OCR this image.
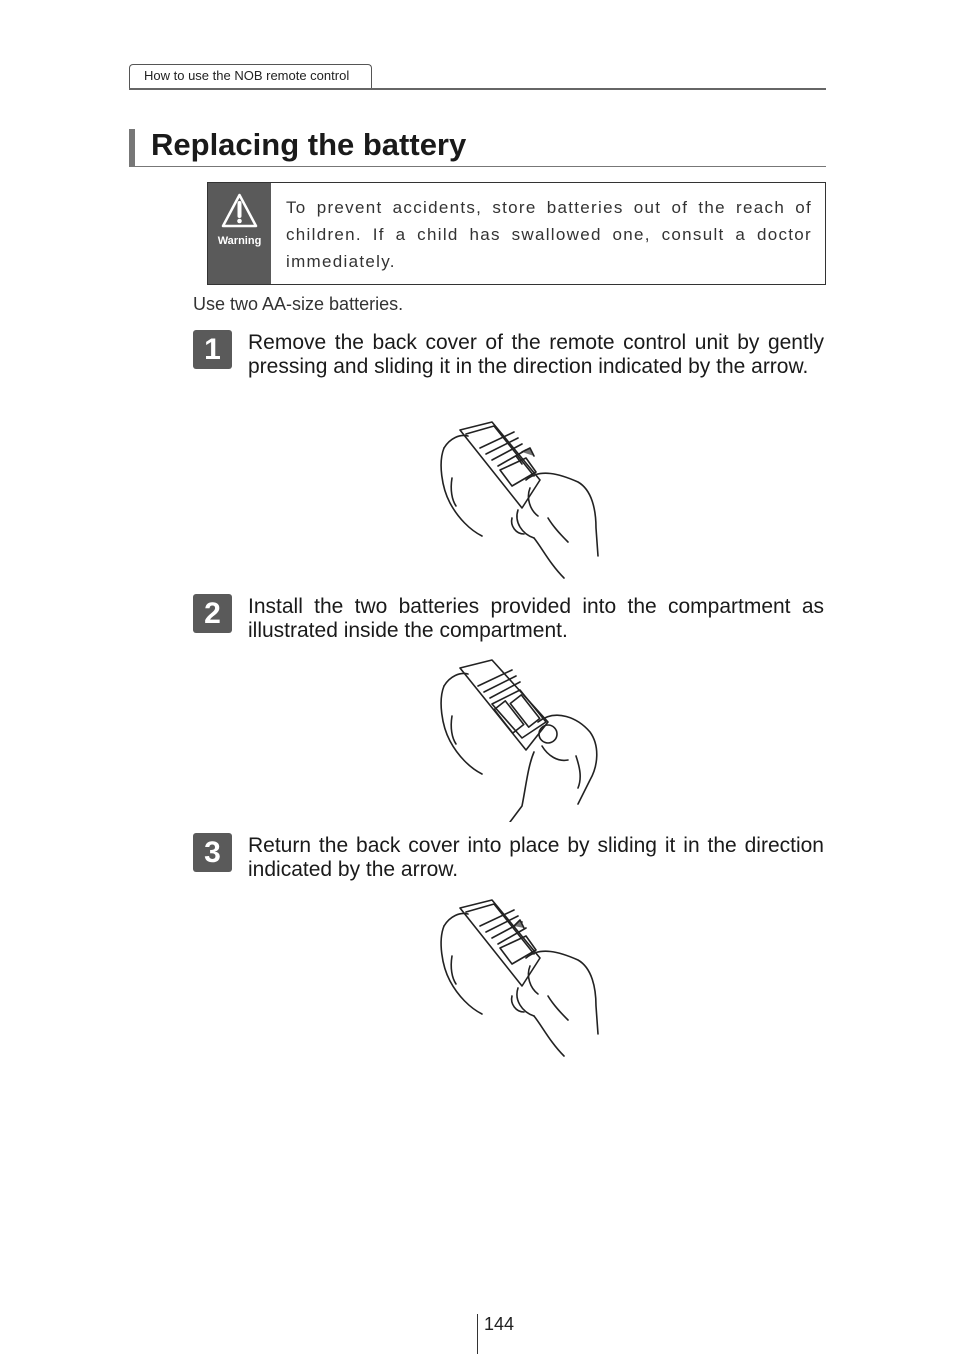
How to use the NOB remote control
Replacing the battery
Warning
To prevent accidents, store batteries out of the reach of children. If a child has swallowed one, consult a doctor immediately.
Use two AA-size batteries.
1	Remove the back cover of the remote control unit by gently pressing and sliding it in the direction indicated by the arrow.

2	Install the two batteries provided into the compartment as illustrated inside the compartment.

3	Return the back cover into place by sliding it in the direction indicated by the arrow.

144
